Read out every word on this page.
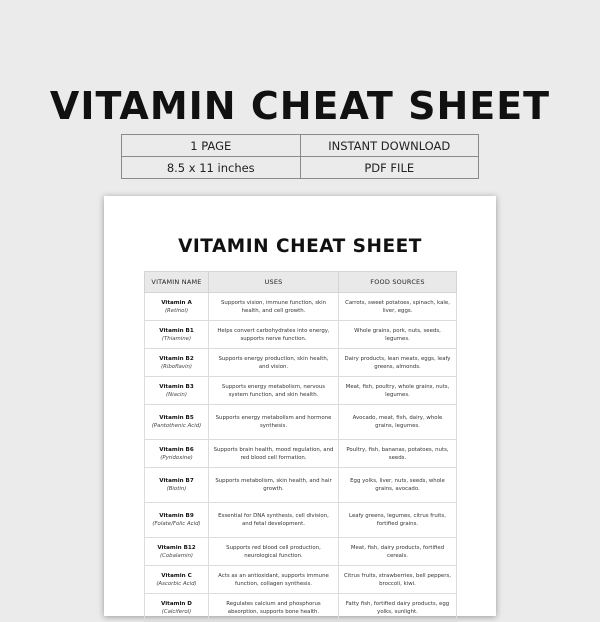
VITAMIN CHEAT SHEET
1 PAGE	INSTANT DOWNLOAD
8.5 x 11 inches	PDF FILE
VITAMIN CHEAT SHEET
VITAMIN NAME	USES	FOOD SOURCES

Vitamin A
(Retinol)	Supports vision, immune function, skin health, and cell growth.	Carrots, sweet potatoes, spinach, kale, liver, eggs.

Vitamin B1
(Thiamine)	Helps convert carbohydrates into energy, supports nerve function.	Whole grains, pork, nuts, seeds, legumes.

Vitamin B2
(Riboflavin)	Supports energy production, skin health, and vision.	Dairy products, lean meats, eggs, leafy greens, almonds.

Vitamin B3
(Niacin)	Supports energy metabolism, nervous system function, and skin health.	Meat, fish, poultry, whole grains, nuts, legumes.

Vitamin B5
(Pantothenic Acid)	Supports energy metabolism and hormone synthesis.	Avocado, meat, fish, dairy, whole grains, legumes.

Vitamin B6
(Pyridoxine)	Supports brain health, mood regulation, and red blood cell formation.	Poultry, fish, bananas, potatoes, nuts, seeds.

Vitamin B7
(Biotin)	Supports metabolism, skin health, and hair growth.	Egg yolks, liver, nuts, seeds, whole grains, avocado.

Vitamin B9
(Folate/Folic Acid)	Essential for DNA synthesis, cell division, and fetal development.	Leafy greens, legumes, citrus fruits, fortified grains.

Vitamin B12
(Cobalamin)	Supports red blood cell production, neurological function.	Meat, fish, dairy products, fortified cereals.

Vitamin C
(Ascorbic Acid)	Acts as an antioxidant, supports immune function, collagen synthesis.	Citrus fruits, strawberries, bell peppers, broccoli, kiwi.

Vitamin D
(Calciferol)	Regulates calcium and phosphorus absorption, supports bone health.	Fatty fish, fortified dairy products, egg yolks, sunlight.
